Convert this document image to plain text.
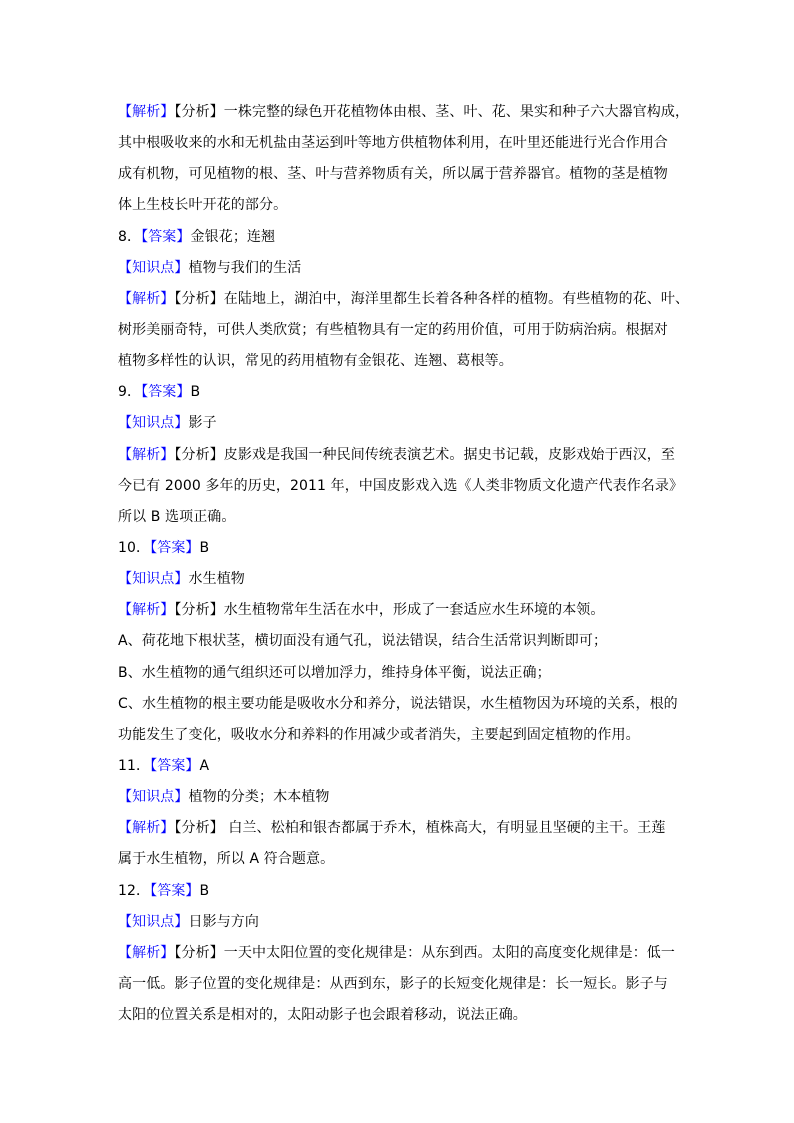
【解析】【分析】一株完整的绿色开花植物体由根、茎、叶、花、果实和种子六大器官构成，
其中根吸收来的水和无机盐由茎运到叶等地方供植物体利用，在叶里还能进行光合作用合
成有机物，可见植物的根、茎、叶与营养物质有关，所以属于营养器官。植物的茎是植物
体上生枝长叶开花的部分。
8．【答案】金银花；连翘
【知识点】植物与我们的生活
【解析】【分析】在陆地上，湖泊中，海洋里都生长着各种各样的植物。有些植物的花、叶、
树形美丽奇特，可供人类欣赏；有些植物具有一定的药用价值，可用于防病治病。根据对
植物多样性的认识，常见的药用植物有金银花、连翘、葛根等。
9．【答案】B
【知识点】影子
【解析】【分析】皮影戏是我国一种民间传统表演艺术。据史书记载，皮影戏始于西汉，至
今已有 2000 多年的历史，2011 年，中国皮影戏入选《人类非物质文化遗产代表作名录》
所以 B 选项正确。
10．【答案】B
【知识点】水生植物
【解析】【分析】水生植物常年生活在水中，形成了一套适应水生环境的本领。
A、荷花地下根状茎，横切面没有通气孔，说法错误，结合生活常识判断即可；
B、水生植物的通气组织还可以增加浮力，维持身体平衡，说法正确；
C、水生植物的根主要功能是吸收水分和养分，说法错误，水生植物因为环境的关系，根的
功能发生了变化，吸收水分和养料的作用减少或者消失，主要起到固定植物的作用。
11．【答案】A
【知识点】植物的分类；木本植物
【解析】【分析】 白兰、松柏和银杏都属于乔木，植株高大，有明显且坚硬的主干。王莲
属于水生植物，所以 A 符合题意。
12．【答案】B
【知识点】日影与方向
【解析】【分析】一天中太阳位置的变化规律是：从东到西。太阳的高度变化规律是：低一
高一低。影子位置的变化规律是：从西到东，影子的长短变化规律是：长一短长。影子与
太阳的位置关系是相对的，太阳动影子也会跟着移动，说法正确。
